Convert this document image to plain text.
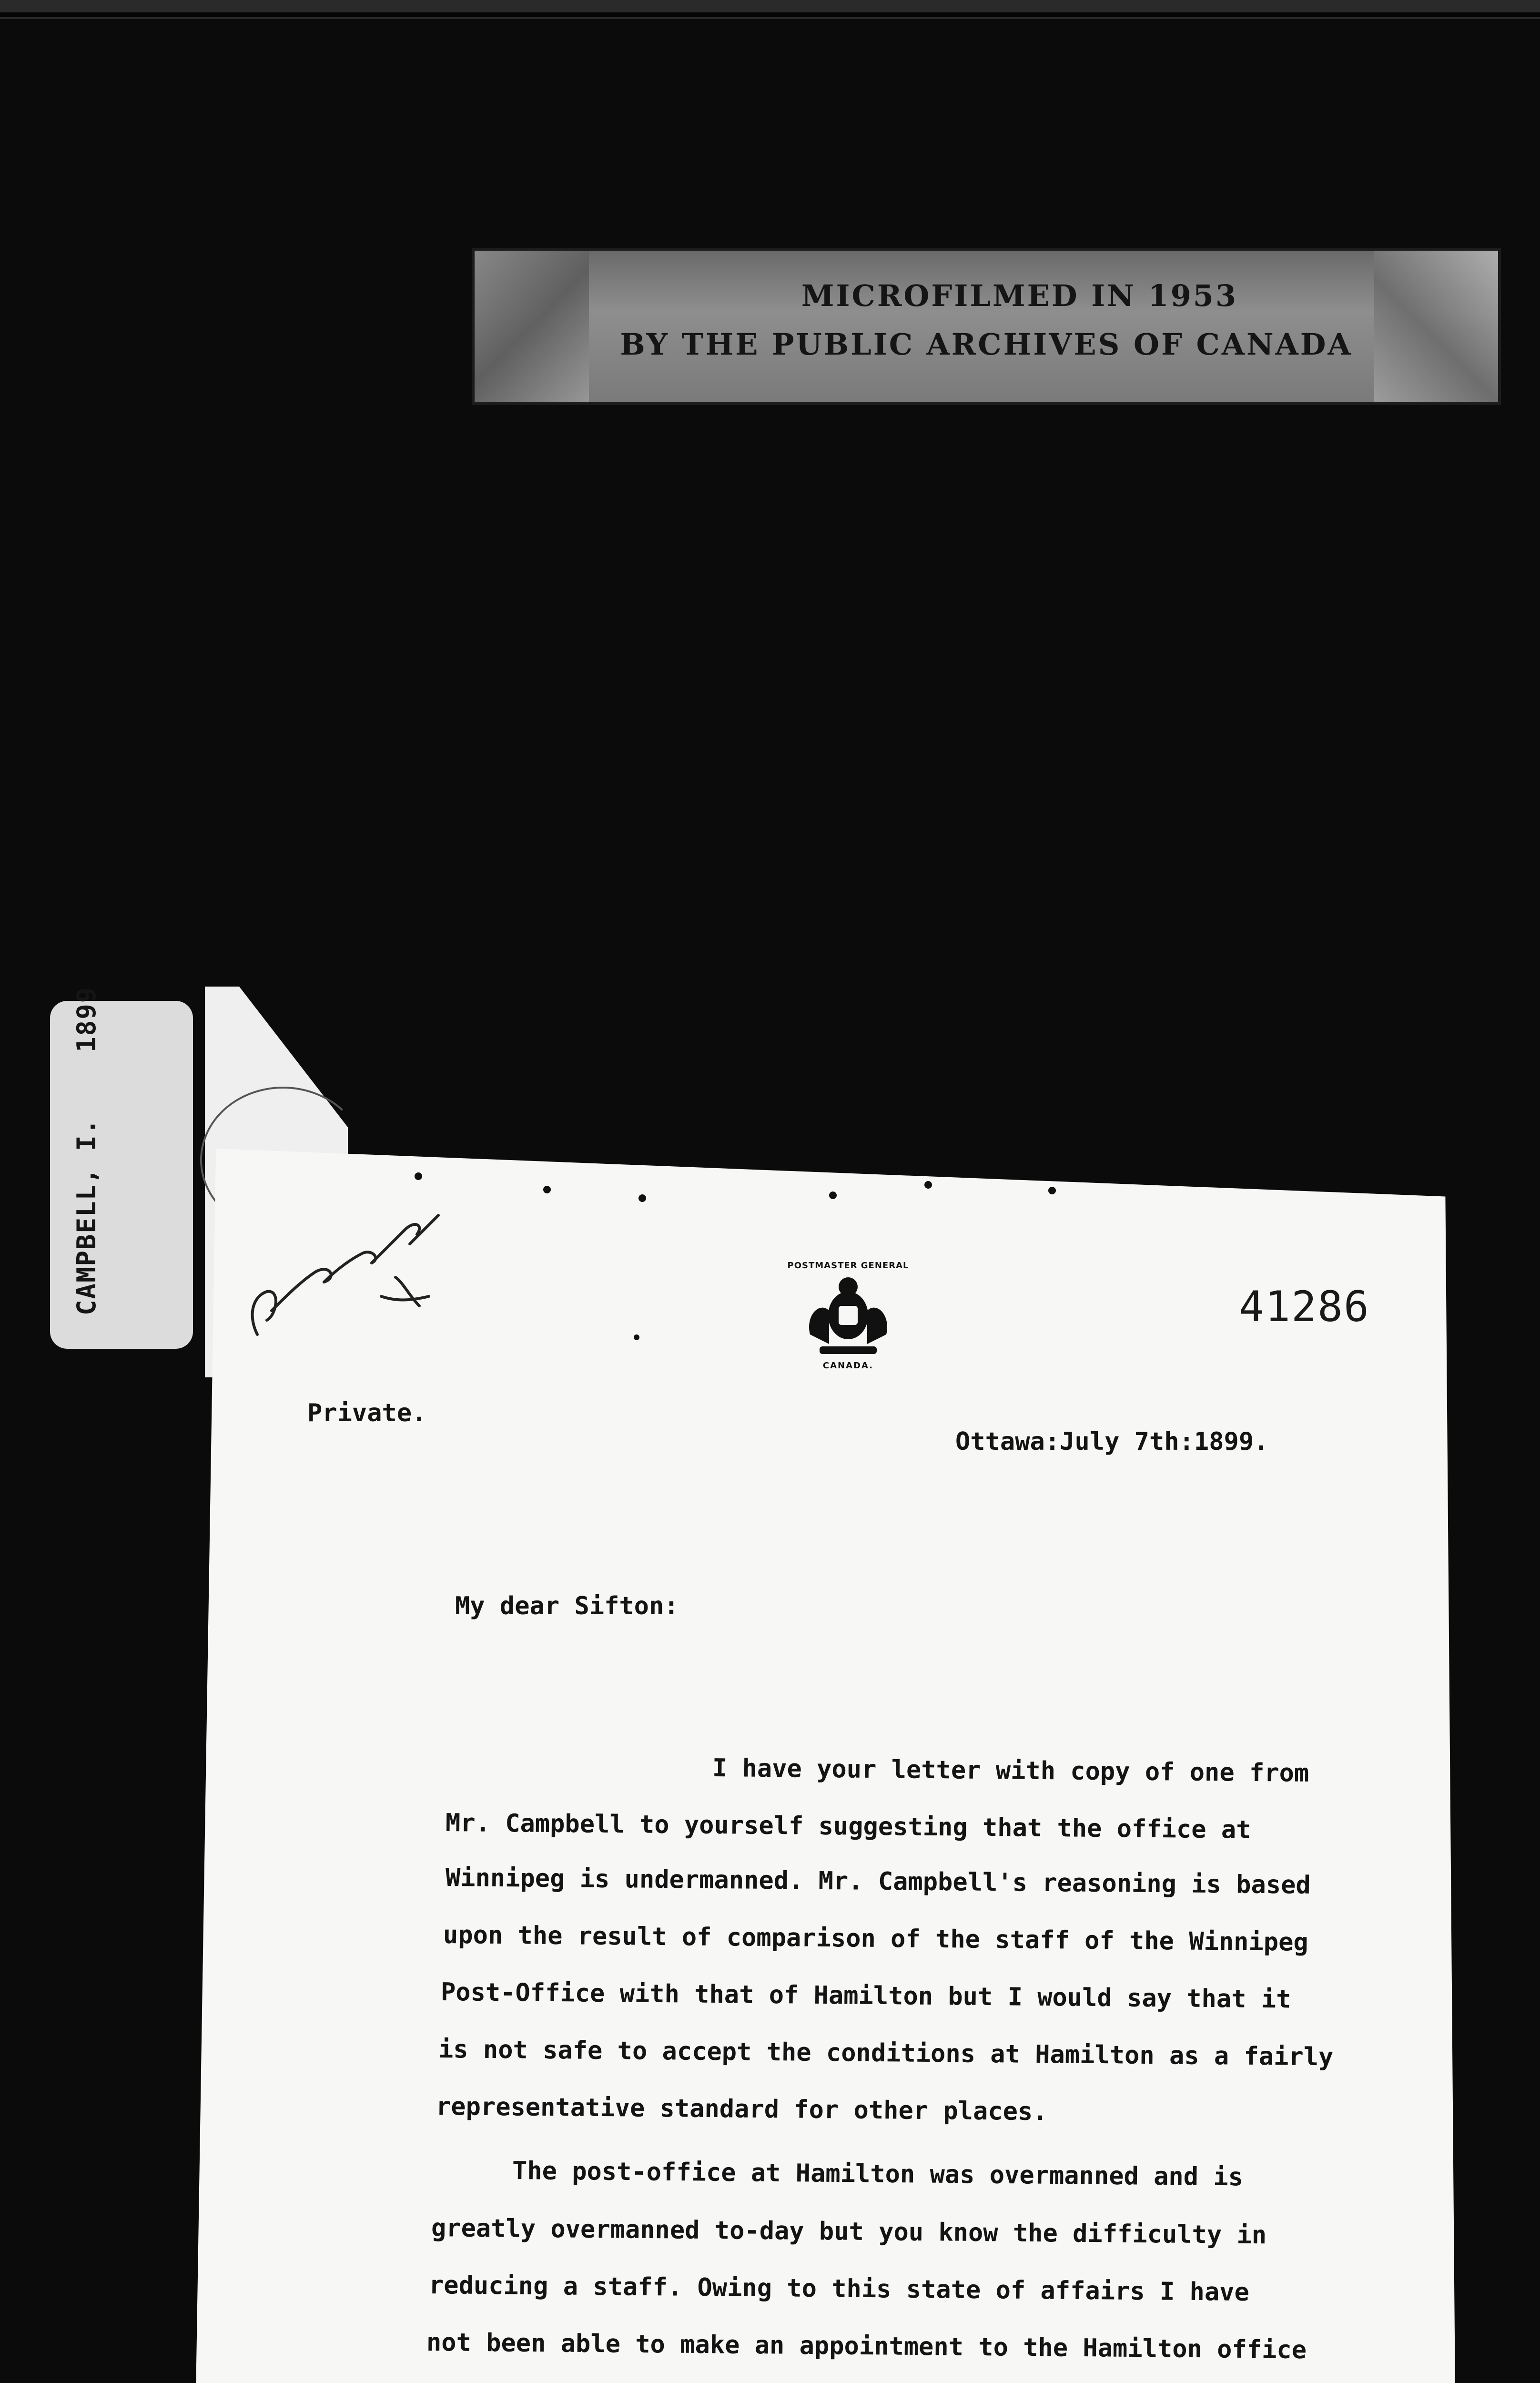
MICROFILMED IN 1953
BY THE PUBLIC ARCHIVES OF CANADA
CAMPBELL, I.    1899	POSTMASTER GENERAL
CANADA.
41286
Private.
Ottawa:July 7th:1899.
My dear Sifton:
I have your letter with copy of one from
Mr. Campbell to yourself suggesting that the office at
Winnipeg is undermanned. Mr. Campbell's reasoning is based
upon the result of comparison of the staff of the Winnipeg
Post-Office with that of Hamilton but I would say that it
is not safe to accept the conditions at Hamilton as a fairly
representative standard for other places.
The post-office at Hamilton was overmanned and is
greatly overmanned to-day but you know the difficulty in
reducing a staff. Owing to this state of affairs I have
not been able to make an appointment to the Hamilton office
